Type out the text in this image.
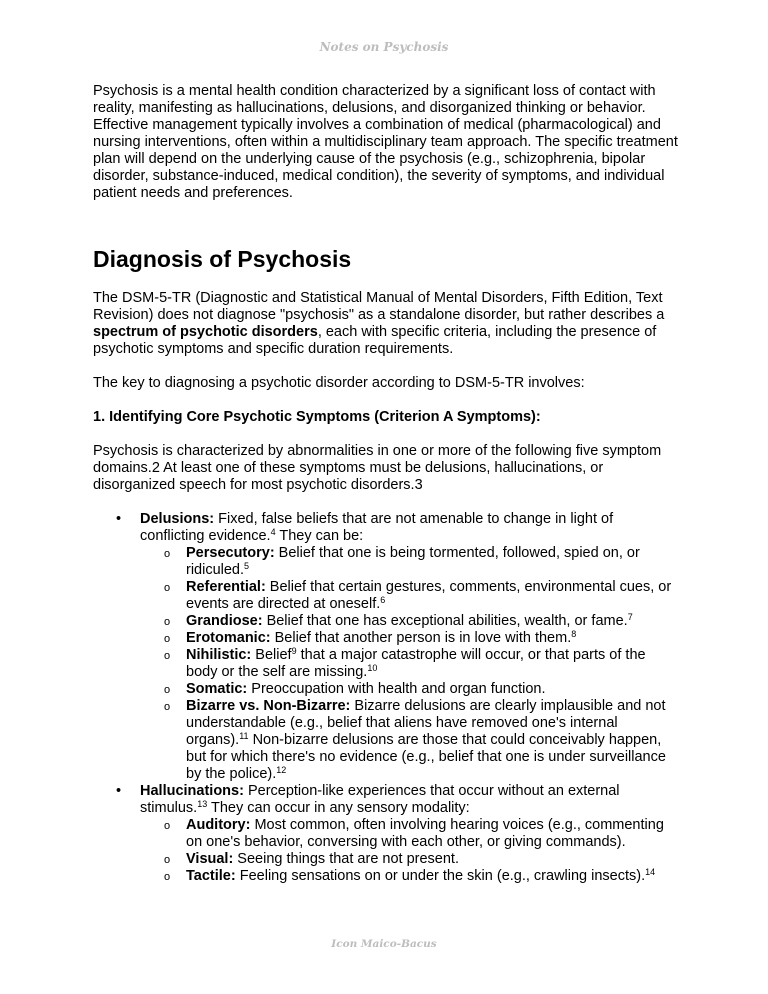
Notes on Psychosis

Psychosis is a mental health condition characterized by a significant loss of contact with reality, manifesting as hallucinations, delusions, and disorganized thinking or behavior. Effective management typically involves a combination of medical (pharmacological) and nursing interventions, often within a multidisciplinary team approach. The specific treatment plan will depend on the underlying cause of the psychosis (e.g., schizophrenia, bipolar disorder, substance-induced, medical condition), the severity of symptoms, and individual patient needs and preferences.

Diagnosis of Psychosis

The DSM-5-TR (Diagnostic and Statistical Manual of Mental Disorders, Fifth Edition, Text Revision) does not diagnose "psychosis" as a standalone disorder, but rather describes a spectrum of psychotic disorders, each with specific criteria, including the presence of psychotic symptoms and specific duration requirements.

The key to diagnosing a psychotic disorder according to DSM-5-TR involves:

1. Identifying Core Psychotic Symptoms (Criterion A Symptoms):

Psychosis is characterized by abnormalities in one or more of the following five symptom domains.2 At least one of these symptoms must be delusions, hallucinations, or disorganized speech for most psychotic disorders.3

• Delusions: Fixed, false beliefs that are not amenable to change in light of conflicting evidence.$^4$ They can be:
o Persecutory: Belief that one is being tormented, followed, spied on, or ridiculed.$^5$
o Referential: Belief that certain gestures, comments, environmental cues, or events are directed at oneself.$^6$
o Grandiose: Belief that one has exceptional abilities, wealth, or fame.$^7$
o Erotomanic: Belief that another person is in love with them.$^8$
o Nihilistic: Belief$^9$ that a major catastrophe will occur, or that parts of the body or the self are missing.$^{10}$
o Somatic: Preoccupation with health and organ function.
o Bizarre vs. Non-Bizarre: Bizarre delusions are clearly implausible and not understandable (e.g., belief that aliens have removed one's internal organs).$^{11}$ Non-bizarre delusions are those that could conceivably happen, but for which there's no evidence (e.g., belief that one is under surveillance by the police).$^{12}$
• Hallucinations: Perception-like experiences that occur without an external stimulus.$^{13}$ They can occur in any sensory modality:
o Auditory: Most common, often involving hearing voices (e.g., commenting on one's behavior, conversing with each other, or giving commands).
o Visual: Seeing things that are not present.
o Tactile: Feeling sensations on or under the skin (e.g., crawling insects).$^{14}$
Icon Maico-Bacus
